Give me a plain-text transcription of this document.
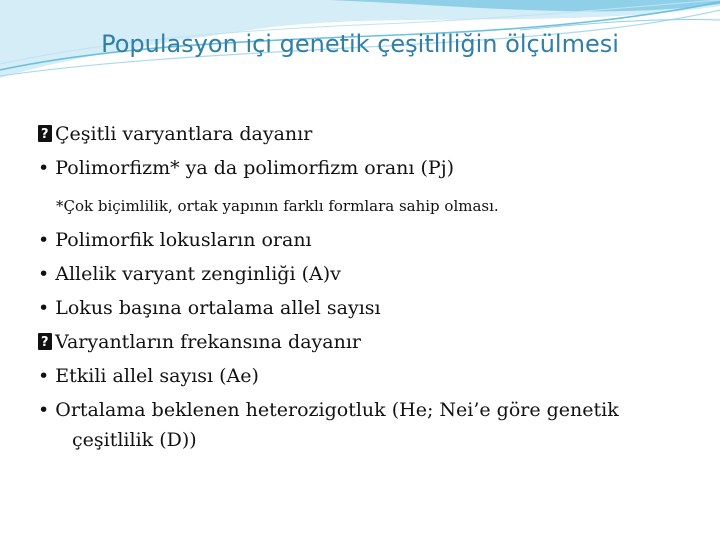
Populasyon içi genetik çeşitliliğin ölçülmesi
?Çeşitli varyantlara dayanır
• Polimorfizm* ya da polimorfizm oranı (Pj)
*Çok biçimlilik, ortak yapının farklı formlara sahip olması.
• Polimorfik lokusların oranı
• Allelik varyant zenginliği (A)v
• Lokus başına ortalama allel sayısı
?Varyantların frekansına dayanır
• Etkili allel sayısı (Ae)
• Ortalama beklenen heterozigotluk (He; Nei’e göre genetik
çeşitlilik (D))
